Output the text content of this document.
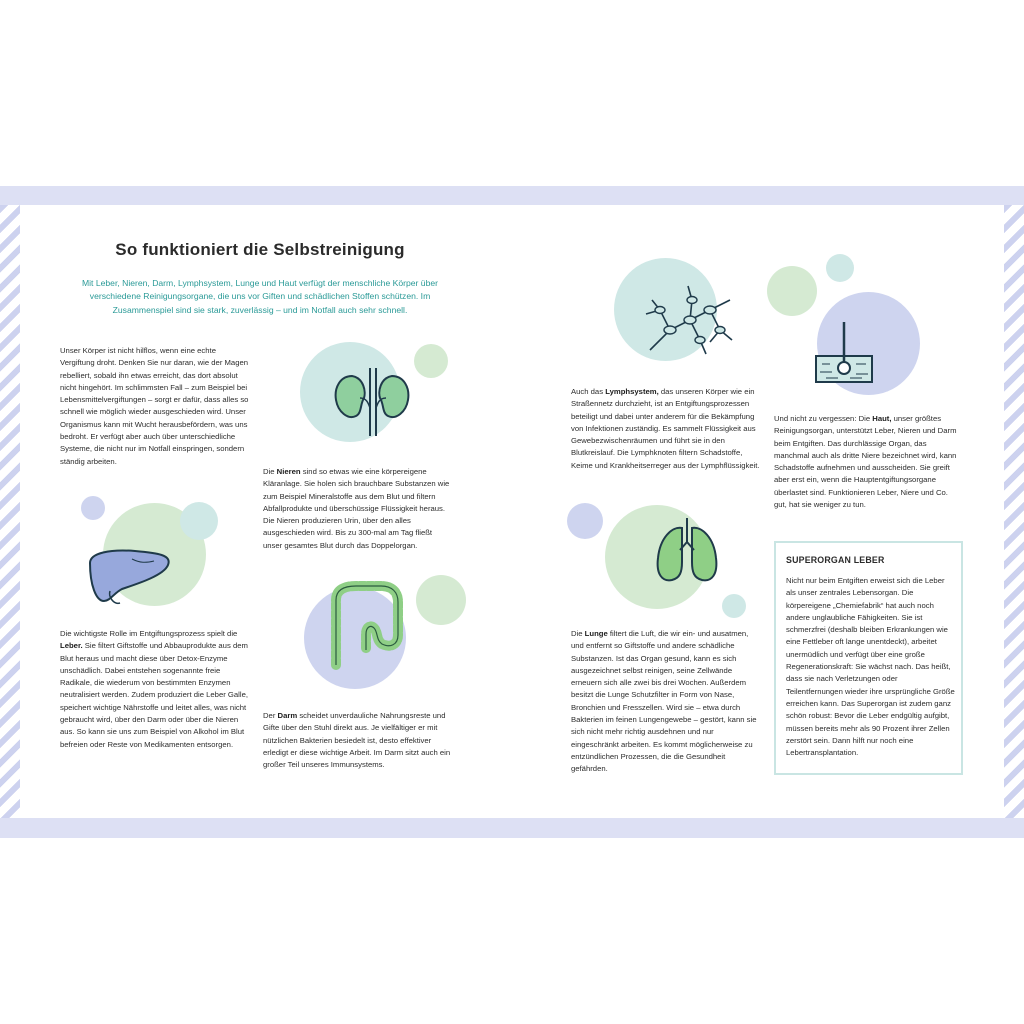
So funktioniert die Selbstreinigung
Mit Leber, Nieren, Darm, Lymphsystem, Lunge und Haut verfügt der menschliche Körper über verschiedene Reinigungsorgane, die uns vor Giften und schädlichen Stoffen schützen. Im Zusammenspiel sind sie stark, zuverlässig – und im Notfall auch sehr schnell.

Unser Körper ist nicht hilflos, wenn eine echte Vergiftung droht. Denken Sie nur daran, wie der Magen rebelliert, sobald ihn etwas erreicht, das dort absolut nicht hingehört. Im schlimmsten Fall – zum Beispiel bei Lebensmittelvergiftungen – sorgt er dafür, dass alles so schnell wie möglich wieder ausgeschieden wird. Unser Organismus kann mit Wucht herausbefördern, was uns bedroht. Er verfügt aber auch über unterschiedliche Systeme, die nicht nur im Notfall einspringen, sondern ständig arbeiten.

Die wichtigste Rolle im Entgiftungsprozess spielt die Leber. Sie filtert Giftstoffe und Abbauprodukte aus dem Blut heraus und macht diese über Detox-Enzyme unschädlich. Dabei entstehen sogenannte freie Radikale, die wiederum von bestimmten Enzymen neutralisiert werden. Zudem produziert die Leber Galle, speichert wichtige Nährstoffe und leitet alles, was nicht gebraucht wird, über den Darm oder über die Nieren aus. So kann sie uns zum Beispiel von Alkohol im Blut befreien oder Reste von Medikamenten entsorgen.

Die Nieren sind so etwas wie eine körpereigene Kläranlage. Sie holen sich brauchbare Substanzen wie zum Beispiel Mineralstoffe aus dem Blut und filtern Abfallprodukte und überschüssige Flüssigkeit heraus. Die Nieren produzieren Urin, über den alles ausgeschieden wird. Bis zu 300-mal am Tag fließt unser gesamtes Blut durch das Doppelorgan.

Der Darm scheidet unverdauliche Nahrungsreste und Gifte über den Stuhl direkt aus. Je vielfältiger er mit nützlichen Bakterien besiedelt ist, desto effektiver erledigt er diese wichtige Arbeit. Im Darm sitzt auch ein großer Teil unseres Immunsystems.

Auch das Lymphsystem, das unseren Körper wie ein Straßennetz durchzieht, ist an Entgiftungsprozessen beteiligt und dabei unter anderem für die Bekämpfung von Infektionen zuständig. Es sammelt Flüssigkeit aus Gewebezwischenräumen und führt sie in den Blutkreislauf. Die Lymphknoten filtern Schadstoffe, Keime und Krankheitserreger aus der Lymphflüssigkeit.

Die Lunge filtert die Luft, die wir ein- und ausatmen, und entfernt so Giftstoffe und andere schädliche Substanzen. Ist das Organ gesund, kann es sich ausgezeichnet selbst reinigen, seine Zellwände erneuern sich alle zwei bis drei Wochen. Außerdem besitzt die Lunge Schutzfilter in Form von Nase, Bronchien und Fresszellen. Wird sie – etwa durch Bakterien im feinen Lungengewebe – gestört, kann sie sich nicht mehr richtig ausdehnen und nur eingeschränkt arbeiten. Es kommt möglicherweise zu entzündlichen Prozessen, die die Gesundheit gefährden.

Und nicht zu vergessen: Die Haut, unser größtes Reinigungsorgan, unterstützt Leber, Nieren und Darm beim Entgiften. Das durchlässige Organ, das manchmal auch als dritte Niere bezeichnet wird, kann Schadstoffe aufnehmen und ausscheiden. Sie greift aber erst ein, wenn die Hauptentgiftungsorgane überlastet sind. Funktionieren Leber, Niere und Co. gut, hat sie weniger zu tun.

SUPERORGAN LEBER

Nicht nur beim Entgiften erweist sich die Leber als unser zentrales Lebensorgan. Die körpereigene „Chemiefabrik“ hat auch noch andere unglaubliche Fähigkeiten. Sie ist schmerzfrei (deshalb bleiben Erkrankungen wie eine Fettleber oft lange unentdeckt), arbeitet unermüdlich und verfügt über eine große Regenerationskraft: Sie wächst nach. Das heißt, dass sie nach Verletzungen oder Teilentfernungen wieder ihre ursprüngliche Größe erreichen kann. Das Superorgan ist zudem ganz schön robust: Bevor die Leber endgültig aufgibt, müssen bereits mehr als 90 Prozent ihrer Zellen zerstört sein. Dann hilft nur noch eine Lebertransplantation.
